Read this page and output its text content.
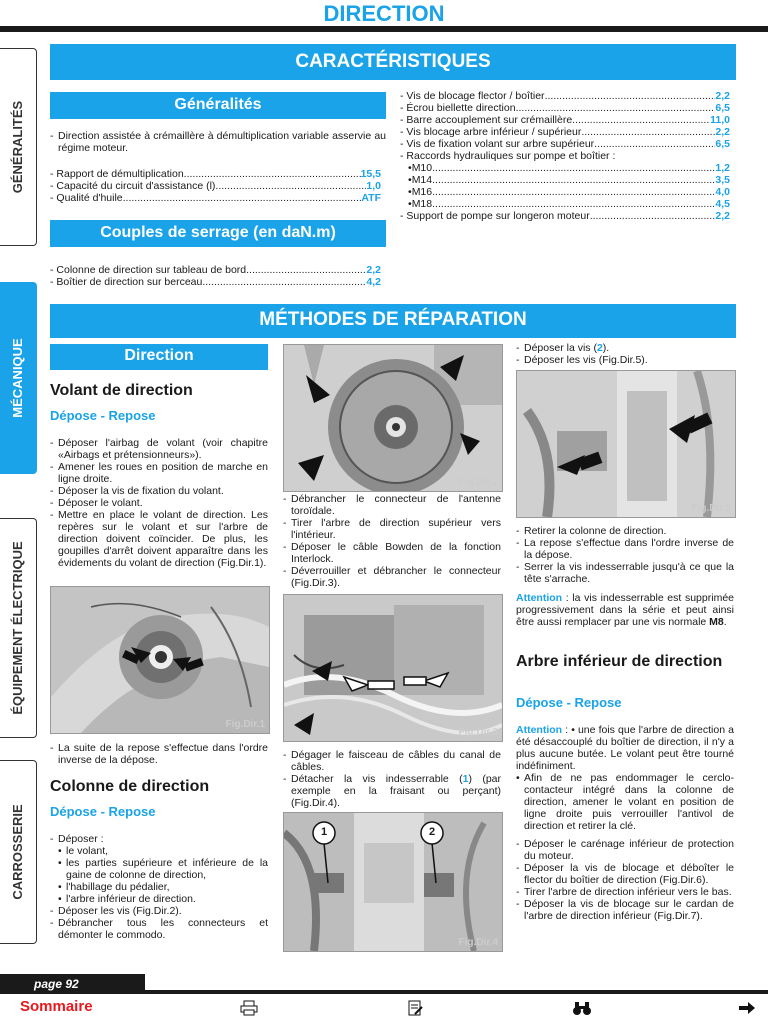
DIRECTION
GÉNÉRALITÉS
MÉCANIQUE
ÉQUIPEMENT ÉLECTRIQUE
CARROSSERIE
CARACTÉRISTIQUES
Généralités
- Direction assistée à crémaillère à démultiplication variable asservie au régime moteur.
- Rapport de démultiplication .....	15,5
- Capacité du circuit d'assistance (l) .....	1,0
- Qualité d'huile .....	ATF
Couples de serrage (en daN.m)
- Colonne de direction sur tableau de bord .....	2,2
- Boîtier de direction sur berceau .....	4,2
- Vis de blocage flector / boîtier .....	2,2
- Écrou biellette direction .....	6,5
- Barre accouplement sur crémaillère .....	11,0
- Vis blocage arbre inférieur / supérieur .....	2,2
- Vis de fixation volant sur arbre supérieur .....	6,5
- Raccords hydrauliques sur pompe et boîtier :
• M10 .....	1,2
• M14 .....	3,5
• M16 .....	4,0
• M18 .....	4,5
- Support de pompe sur longeron moteur .....	2,2
MÉTHODES DE RÉPARATION
Direction
Volant de direction
Dépose - Repose
- Déposer l'airbag de volant (voir chapitre «Airbags et prétensionneurs»).
- Amener les roues en position de marche en ligne droite.
- Déposer la vis de fixation du volant.
- Déposer le volant.
- Mettre en place le volant de direction. Les repères sur le volant et sur l'arbre de direction doivent coïncider. De plus, les goupilles d'arrêt doivent apparaître dans les évidements du volant de direction (Fig.Dir.1).
Fig.Dir.1
- La suite de la repose s'effectue dans l'ordre inverse de la dépose.
Colonne de direction
Dépose - Repose
- Déposer :
• le volant,
• les parties supérieure et inférieure de la gaine de colonne de direction,
• l'habillage du pédalier,
• l'arbre inférieur de direction.
- Déposer les vis (Fig.Dir.2).
- Débrancher tous les connecteurs et démonter le commodo.
Fig.Dir.2
- Débrancher le connecteur de l'antenne toroïdale.
- Tirer l'arbre de direction supérieur vers l'intérieur.
- Déposer le câble Bowden de la fonction Interlock.
- Déverrouiller et débrancher le connecteur (Fig.Dir.3).
Fig.Dir.3
- Dégager le faisceau de câbles du canal de câbles.
- Détacher la vis indesserrable (1) (par exemple en la fraisant ou perçant) (Fig.Dir.4).
1	2
Fig.Dir.4
- Déposer la vis (2).
- Déposer les vis (Fig.Dir.5).
Fig.Dir.5
- Retirer la colonne de direction.
- La repose s'effectue dans l'ordre inverse de la dépose.
- Serrer la vis indesserrable jusqu'à ce que la tête s'arrache.
Attention : la vis indesserrable est supprimée progressivement dans la série et peut ainsi être aussi remplacer par une vis normale M8.
Arbre inférieur de direction
Dépose - Repose
Attention : • une fois que l'arbre de direction a été désaccouplé du boîtier de direction, il n'y a plus aucune butée. Le volant peut être tourné indéfiniment.
• Afin de ne pas endommager le cerclo-contacteur intégré dans la colonne de direction, amener le volant en position de ligne droite puis verrouiller l'antivol de direction et retirer la clé.
- Déposer le carénage inférieur de protection du moteur.
- Déposer la vis de blocage et déboîter le flector du boîtier de direction (Fig.Dir.6).
- Tirer l'arbre de direction inférieur vers le bas.
- Déposer la vis de blocage sur le cardan de l'arbre de direction inférieur (Fig.Dir.7).
page 92
Sommaire
